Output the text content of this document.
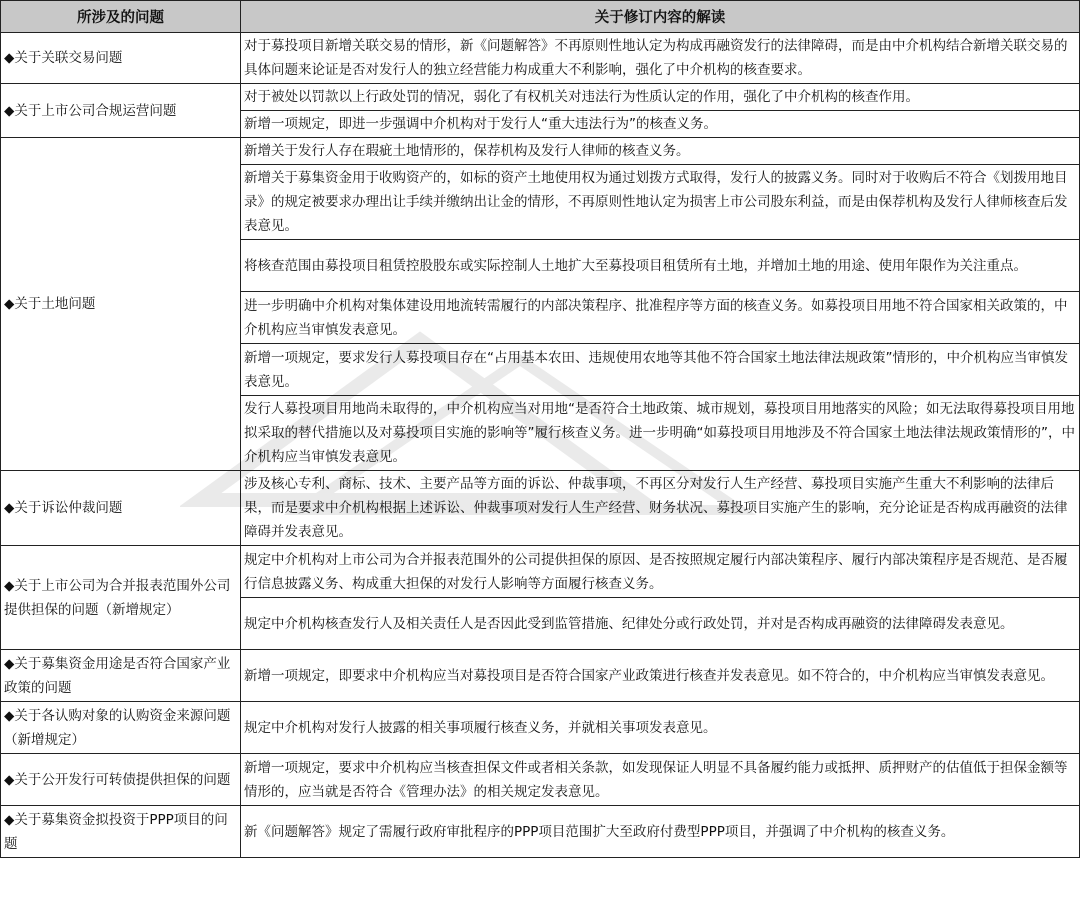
所涉及的问题	关于修订内容的解读
◆关于关联交易问题	对于募投项目新增关联交易的情形，新《问题解答》不再原则性地认定为构成再融资发行的法律障碍，而是由中介机构结合新增关联交易的具体问题来论证是否对发行人的独立经营能力构成重大不利影响，强化了中介机构的核查要求。
◆关于上市公司合规运营问题	对于被处以罚款以上行政处罚的情况，弱化了有权机关对违法行为性质认定的作用，强化了中介机构的核查作用。
	新增一项规定，即进一步强调中介机构对于发行人“重大违法行为”的核查义务。
◆关于土地问题	新增关于发行人存在瑕疵土地情形的，保荐机构及发行人律师的核查义务。
	新增关于募集资金用于收购资产的，如标的资产土地使用权为通过划拨方式取得，发行人的披露义务。同时对于收购后不符合《划拨用地目录》的规定被要求办理出让手续并缴纳出让金的情形，不再原则性地认定为损害上市公司股东利益，而是由保荐机构及发行人律师核查后发表意见。
	将核查范围由募投项目租赁控股股东或实际控制人土地扩大至募投项目租赁所有土地，并增加土地的用途、使用年限作为关注重点。
	进一步明确中介机构对集体建设用地流转需履行的内部决策程序、批准程序等方面的核查义务。如募投项目用地不符合国家相关政策的，中介机构应当审慎发表意见。
	新增一项规定，要求发行人募投项目存在“占用基本农田、违规使用农地等其他不符合国家土地法律法规政策”情形的，中介机构应当审慎发表意见。
	发行人募投项目用地尚未取得的，中介机构应当对用地“是否符合土地政策、城市规划，募投项目用地落实的风险；如无法取得募投项目用地拟采取的替代措施以及对募投项目实施的影响等”履行核查义务。进一步明确“如募投项目用地涉及不符合国家土地法律法规政策情形的”，中介机构应当审慎发表意见。
◆关于诉讼仲裁问题	涉及核心专利、商标、技术、主要产品等方面的诉讼、仲裁事项，不再区分对发行人生产经营、募投项目实施产生重大不利影响的法律后果，而是要求中介机构根据上述诉讼、仲裁事项对发行人生产经营、财务状况、募投项目实施产生的影响，充分论证是否构成再融资的法律障碍并发表意见。
◆关于上市公司为合并报表范围外公司提供担保的问题（新增规定）	规定中介机构对上市公司为合并报表范围外的公司提供担保的原因、是否按照规定履行内部决策程序、履行内部决策程序是否规范、是否履行信息披露义务、构成重大担保的对发行人影响等方面履行核查义务。
	规定中介机构核查发行人及相关责任人是否因此受到监管措施、纪律处分或行政处罚，并对是否构成再融资的法律障碍发表意见。
◆关于募集资金用途是否符合国家产业政策的问题	新增一项规定，即要求中介机构应当对募投项目是否符合国家产业政策进行核查并发表意见。如不符合的，中介机构应当审慎发表意见。
◆关于各认购对象的认购资金来源问题（新增规定）	规定中介机构对发行人披露的相关事项履行核查义务，并就相关事项发表意见。
◆关于公开发行可转债提供担保的问题	新增一项规定，要求中介机构应当核查担保文件或者相关条款，如发现保证人明显不具备履约能力或抵押、质押财产的估值低于担保金额等情形的，应当就是否符合《管理办法》的相关规定发表意见。
◆关于募集资金拟投资于PPP项目的问题	新《问题解答》规定了需履行政府审批程序的PPP项目范围扩大至政府付费型PPP项目，并强调了中介机构的核查义务。
